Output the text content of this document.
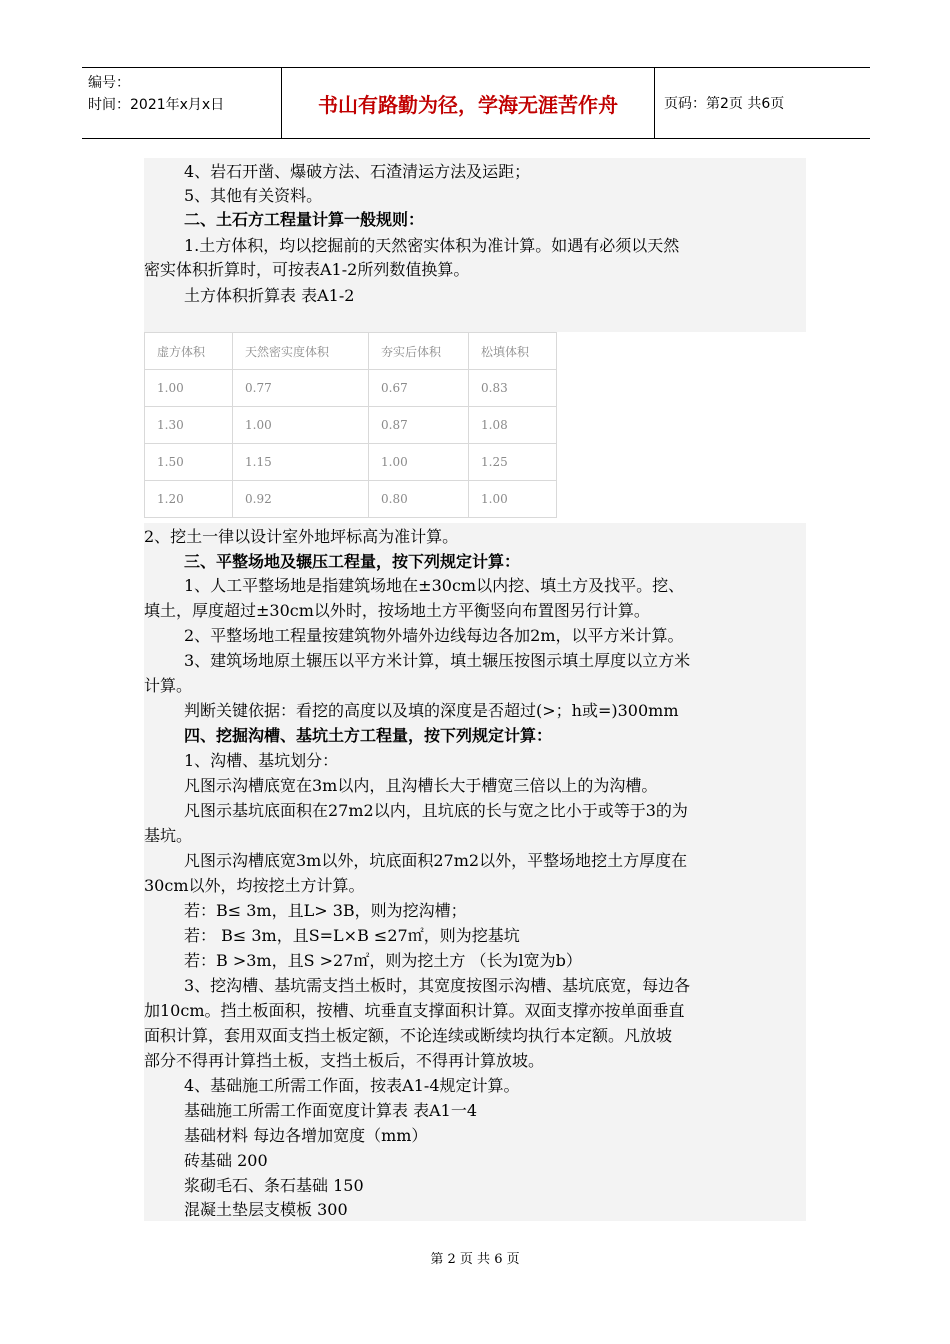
编号：
时间：2021年x月x日	书山有路勤为径，学海无涯苦作舟	页码：第2页 共6页
4、岩石开凿、爆破方法、石渣清运方法及运距；
5、其他有关资料。
二、土石方工程量计算一般规则：
1.土方体积，均以挖掘前的天然密实体积为准计算。如遇有必须以天然
密实体积折算时，可按表A1-2所列数值换算。
土方体积折算表 表A1-2
虚方体积	天然密实度体积	夯实后体积	松填体积
1.00	0.77	0.67	0.83
1.30	1.00	0.87	1.08
1.50	1.15	1.00	1.25
1.20	0.92	0.80	1.00
2、挖土一律以设计室外地坪标高为准计算。
三、平整场地及辗压工程量，按下列规定计算：
1、人工平整场地是指建筑场地在±30cm以内挖、填土方及找平。挖、
填土，厚度超过±30cm以外时，按场地土方平衡竖向布置图另行计算。
2、平整场地工程量按建筑物外墙外边线每边各加2m，以平方米计算。
3、建筑场地原土辗压以平方米计算，填土辗压按图示填土厚度以立方米
计算。
判断关键依据：看挖的高度以及填的深度是否超过(>；h或=)300mm
四、挖掘沟槽、基坑土方工程量，按下列规定计算：
1、沟槽、基坑划分：
凡图示沟槽底宽在3m以内，且沟槽长大于槽宽三倍以上的为沟槽。
凡图示基坑底面积在27m2以内，且坑底的长与宽之比小于或等于3的为
基坑。
凡图示沟槽底宽3m以外，坑底面积27m2以外，平整场地挖土方厚度在
30cm以外，均按挖土方计算。
若：B≤ 3m，且L> 3B，则为挖沟槽；
若： B≤ 3m，且S=L×B ≤27㎡，则为挖基坑
若：B >3m，且S >27㎡，则为挖土方 （长为l宽为b）
3、挖沟槽、基坑需支挡土板时，其宽度按图示沟槽、基坑底宽，每边各
加10cm。挡土板面积，按槽、坑垂直支撑面积计算。双面支撑亦按单面垂直
面积计算，套用双面支挡土板定额，不论连续或断续均执行本定额。凡放坡
部分不得再计算挡土板，支挡土板后，不得再计算放坡。
4、基础施工所需工作面，按表A1-4规定计算。
基础施工所需工作面宽度计算表 表A1一4
基础材料 每边各增加宽度（mm）
砖基础 200
浆砌毛石、条石基础 150
混凝土垫层支模板 300
第 2 页 共 6 页
